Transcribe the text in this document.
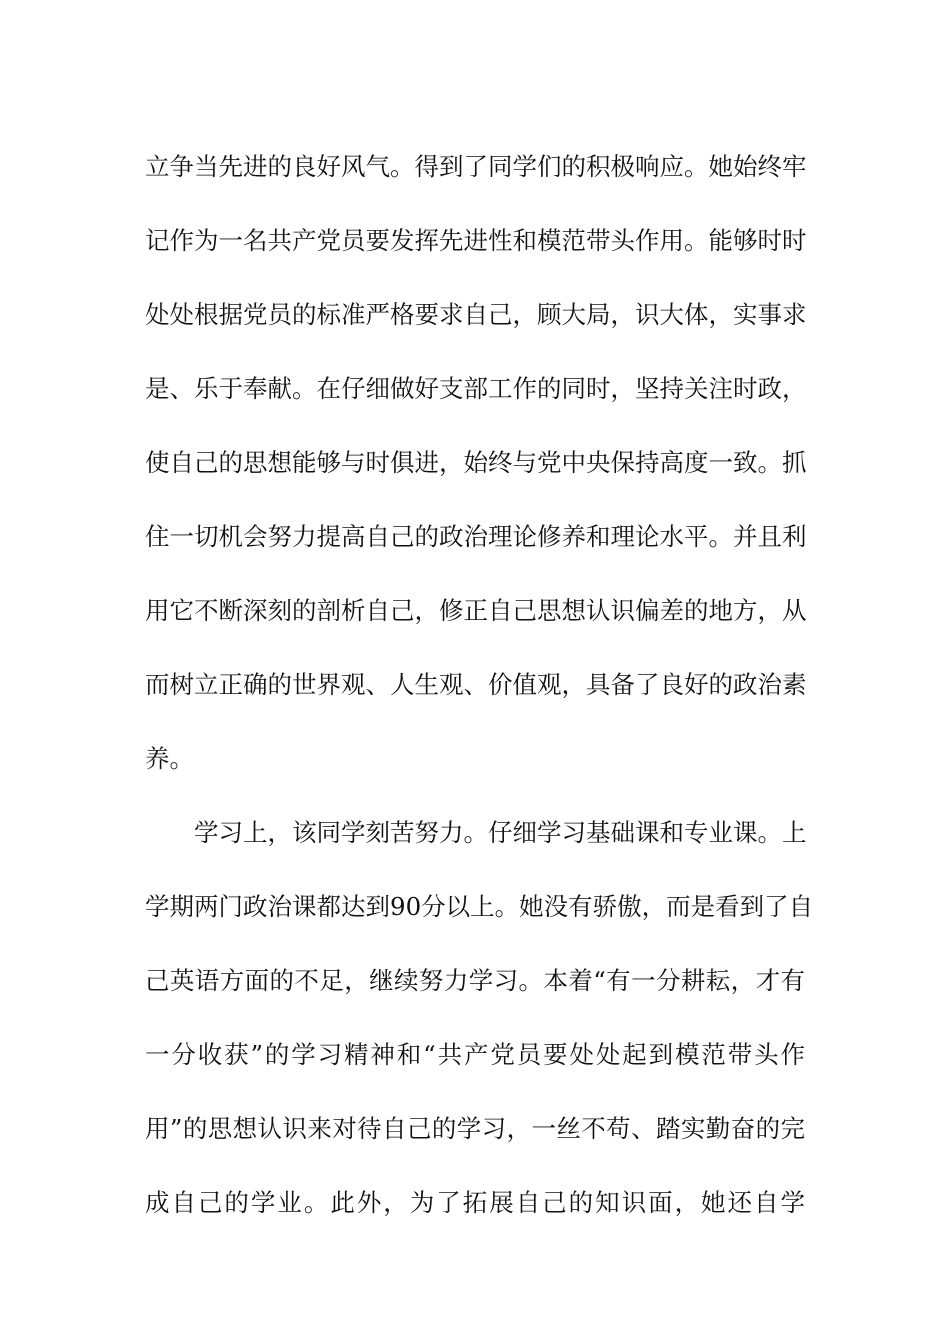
立争当先进的良好风气。得到了同学们的积极响应。她始终牢
记作为一名共产党员要发挥先进性和模范带头作用。能够时时
处处根据党员的标准严格要求自己，顾大局，识大体，实事求
是、乐于奉献。在仔细做好支部工作的同时，坚持关注时政，
使自己的思想能够与时俱进，始终与党中央保持高度一致。抓
住一切机会努力提高自己的政治理论修养和理论水平。并且利
用它不断深刻的剖析自己，修正自己思想认识偏差的地方，从
而树立正确的世界观、人生观、价值观，具备了良好的政治素
养。
学习上，该同学刻苦努力。仔细学习基础课和专业课。上
学期两门政治课都达到90分以上。她没有骄傲，而是看到了自
己英语方面的不足，继续努力学习。本着“有一分耕耘，才有
一分收获”的学习精神和“共产党员要处处起到模范带头作
用”的思想认识来对待自己的学习，一丝不苟、踏实勤奋的完
成自己的学业。此外，为了拓展自己的知识面，她还自学
